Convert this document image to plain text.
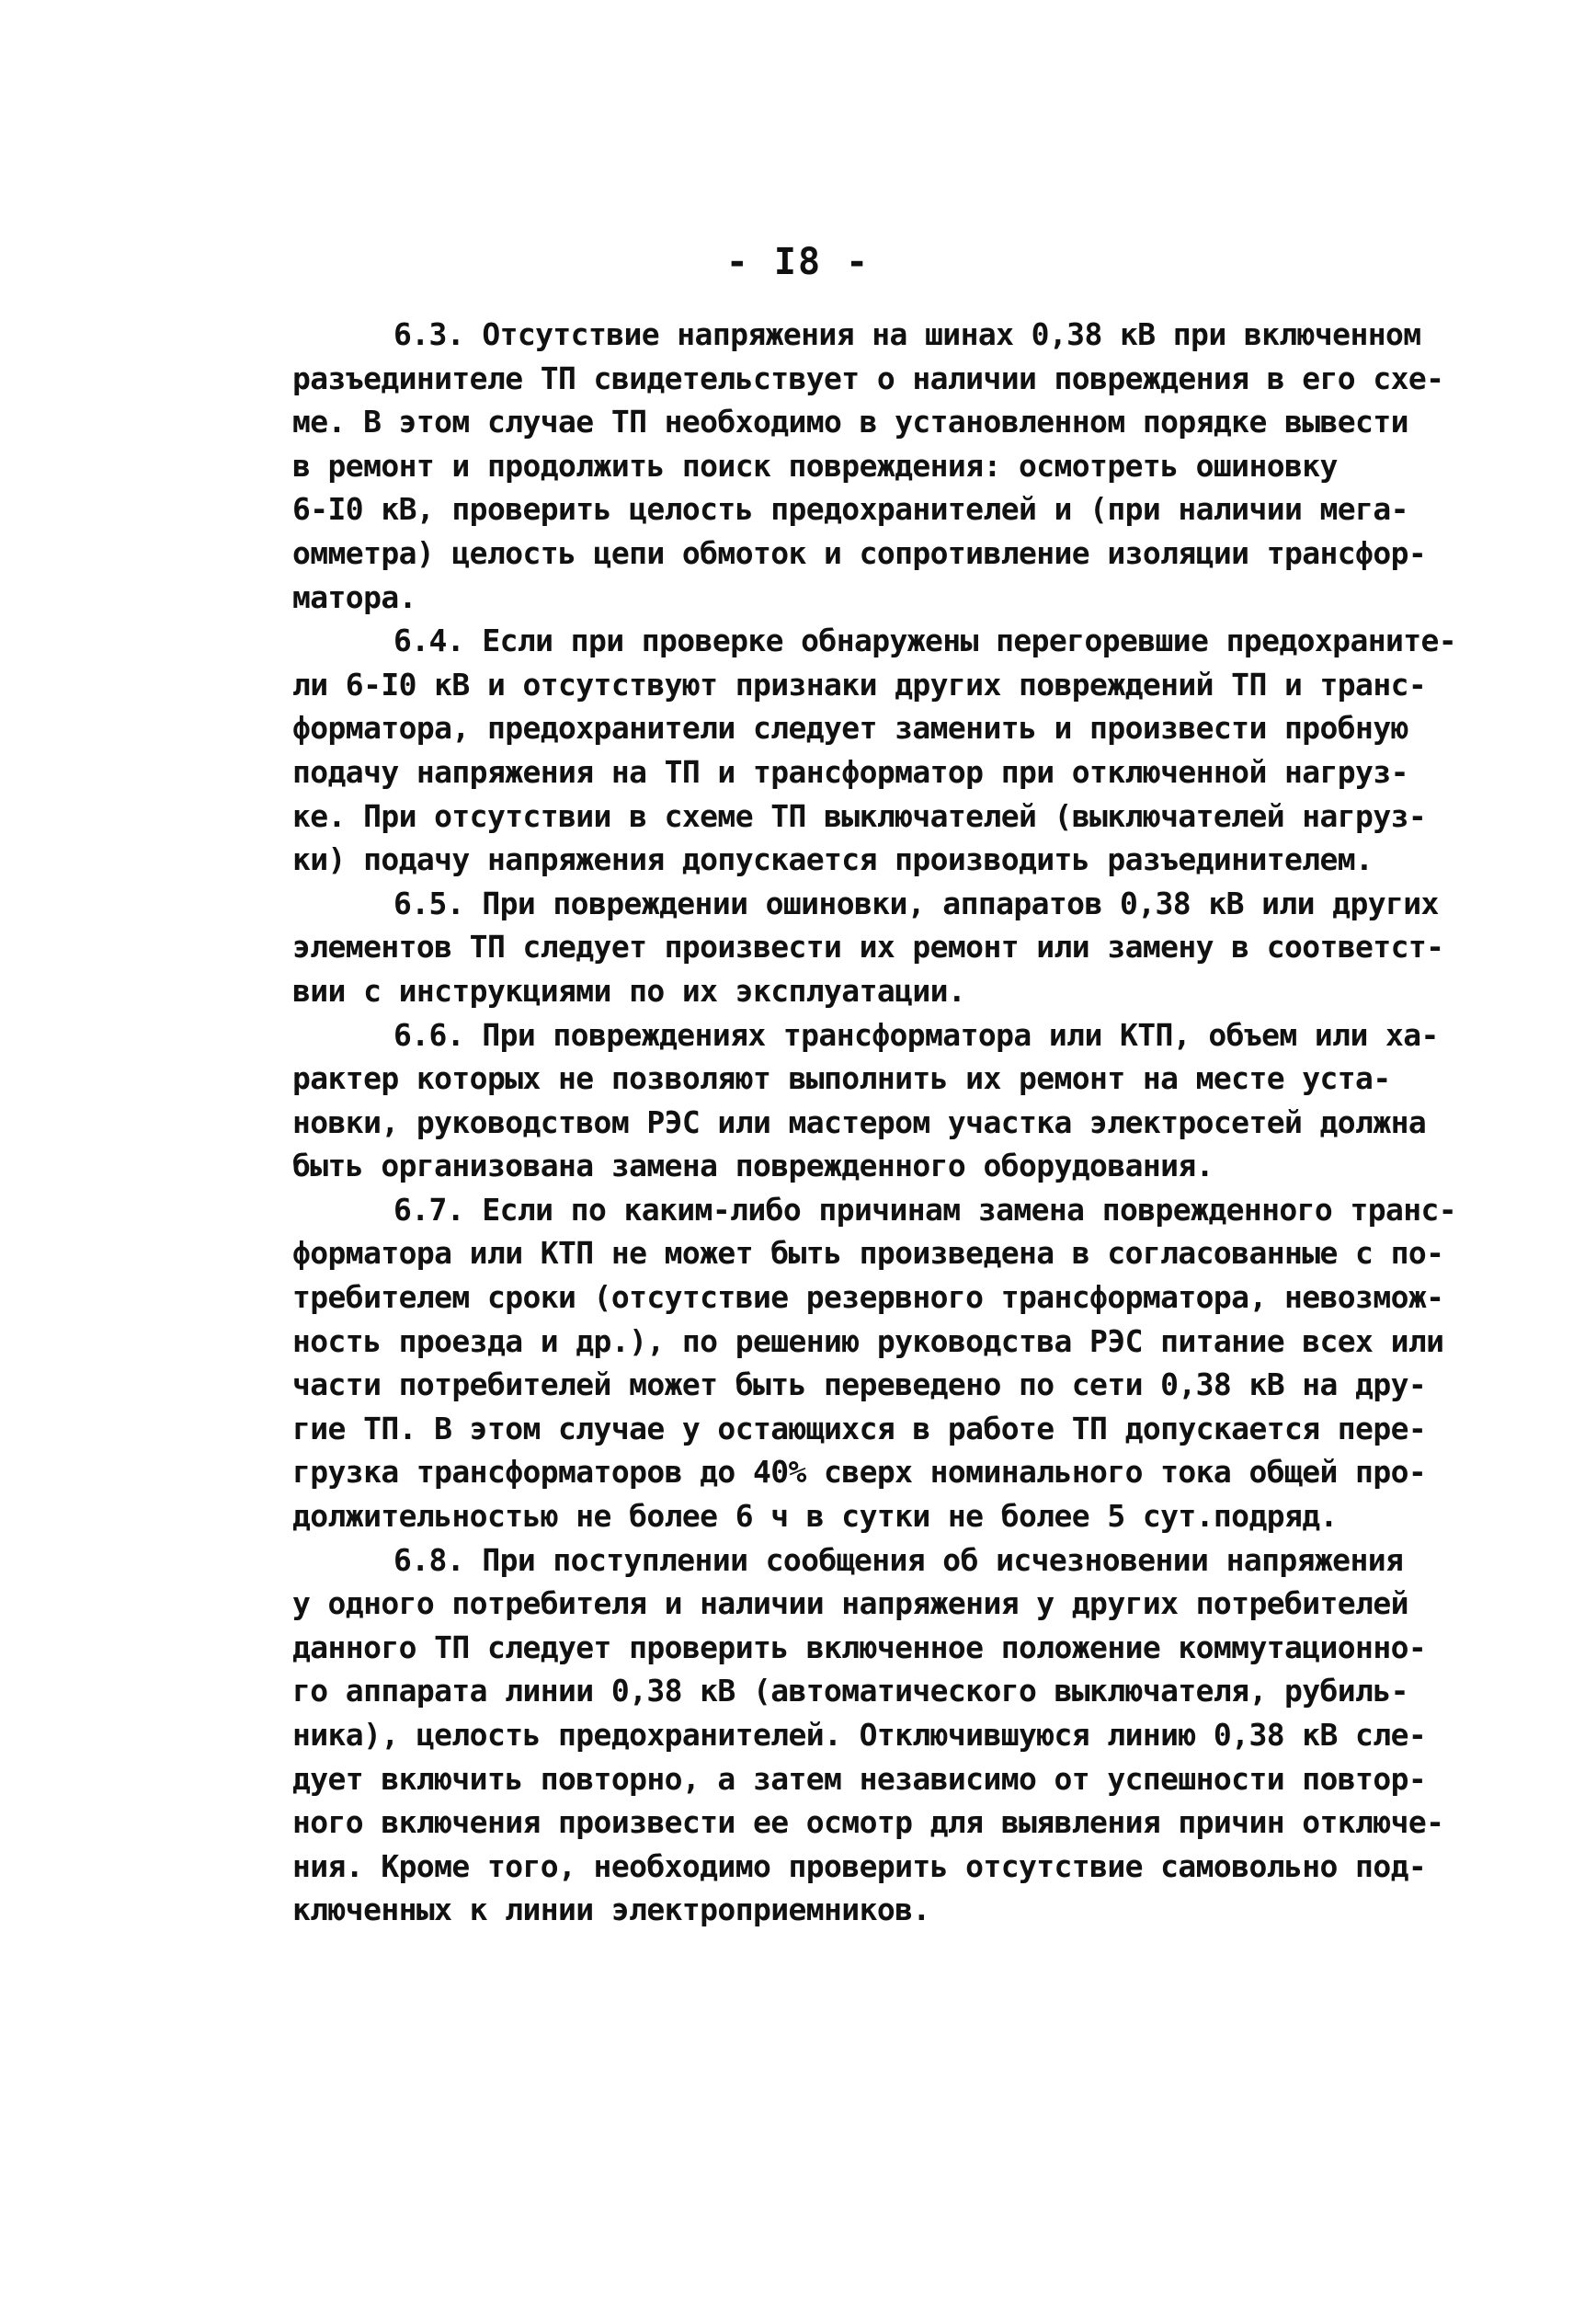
- I8 -
6.3. Отсутствие напряжения на шинах 0,38 кВ при включенном
разъединителе ТП свидетельствует о наличии повреждения в его схе-
ме. В этом случае ТП необходимо в установленном порядке вывести
в ремонт и продолжить поиск повреждения: осмотреть ошиновку
6-I0 кВ, проверить целость предохранителей и (при наличии мега-
омметра) целость цепи обмоток и сопротивление изоляции трансфор-
матора.
6.4. Если при проверке обнаружены перегоревшие предохраните-
ли 6-I0 кВ и отсутствуют признаки других повреждений ТП и транс-
форматора, предохранители следует заменить и произвести пробную
подачу напряжения на ТП и трансформатор при отключенной нагруз-
ке. При отсутствии в схеме ТП выключателей (выключателей нагруз-
ки) подачу напряжения допускается производить разъединителем.
6.5. При повреждении ошиновки, аппаратов 0,38 кВ или других
элементов ТП следует произвести их ремонт или замену в соответст-
вии с инструкциями по их эксплуатации.
6.6. При повреждениях трансформатора или КТП, объем или ха-
рактер которых не позволяют выполнить их ремонт на месте уста-
новки, руководством РЭС или мастером участка электросетей должна
быть организована замена поврежденного оборудования.
6.7. Если по каким-либо причинам замена поврежденного транс-
форматора или КТП не может быть произведена в согласованные с по-
требителем сроки (отсутствие резервного трансформатора, невозмож-
ность проезда и др.), по решению руководства РЭС питание всех или
части потребителей может быть переведено по сети 0,38 кВ на дру-
гие ТП. В этом случае у остающихся в работе ТП допускается пере-
грузка трансформаторов до 40% сверх номинального тока общей про-
должительностью не более 6 ч в сутки не более 5 сут.подряд.
6.8. При поступлении сообщения об исчезновении напряжения
у одного потребителя и наличии напряжения у других потребителей
данного ТП следует проверить включенное положение коммутационно-
го аппарата линии 0,38 кВ (автоматического выключателя, рубиль-
ника), целость предохранителей. Отключившуюся линию 0,38 кВ сле-
дует включить повторно, а затем независимо от успешности повтор-
ного включения произвести ее осмотр для выявления причин отключе-
ния. Кроме того, необходимо проверить отсутствие самовольно под-
ключенных к линии электроприемников.
